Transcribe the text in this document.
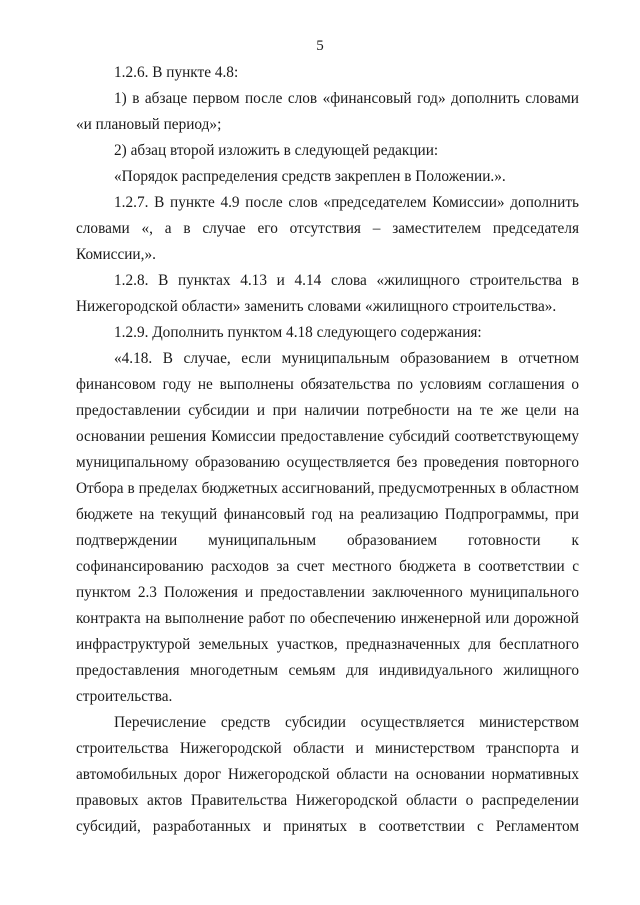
5

1.2.6. В пункте 4.8:

1) в абзаце первом после слов «финансовый год» дополнить словами «и плановый период»;

2) абзац второй изложить в следующей редакции:

«Порядок распределения средств закреплен в Положении.».

1.2.7. В пункте 4.9 после слов «председателем Комиссии» дополнить словами «, а в случае его отсутствия – заместителем председателя Комиссии,».

1.2.8. В пунктах 4.13 и 4.14 слова «жилищного строительства в Нижегородской области» заменить словами «жилищного строительства».

1.2.9. Дополнить пунктом 4.18 следующего содержания:

«4.18. В случае, если муниципальным образованием в отчетном финансовом году не выполнены обязательства по условиям соглашения о предоставлении субсидии и при наличии потребности на те же цели на основании решения Комиссии предоставление субсидий соответствующему муниципальному образованию осуществляется без проведения повторного Отбора в пределах бюджетных ассигнований, предусмотренных в областном бюджете на текущий финансовый год на реализацию Подпрограммы, при подтверждении муниципальным образованием готовности к софинансированию расходов за счет местного бюджета в соответствии с пунктом 2.3 Положения и предоставлении заключенного муниципального контракта на выполнение работ по обеспечению инженерной или дорожной инфраструктурой земельных участков, предназначенных для бесплатного предоставления многодетным семьям для индивидуального жилищного строительства.

Перечисление средств субсидии осуществляется министерством строительства Нижегородской области и министерством транспорта и автомобильных дорог Нижегородской области на основании нормативных правовых актов Правительства Нижегородской области о распределении субсидий, разработанных и принятых в соответствии с Регламентом
